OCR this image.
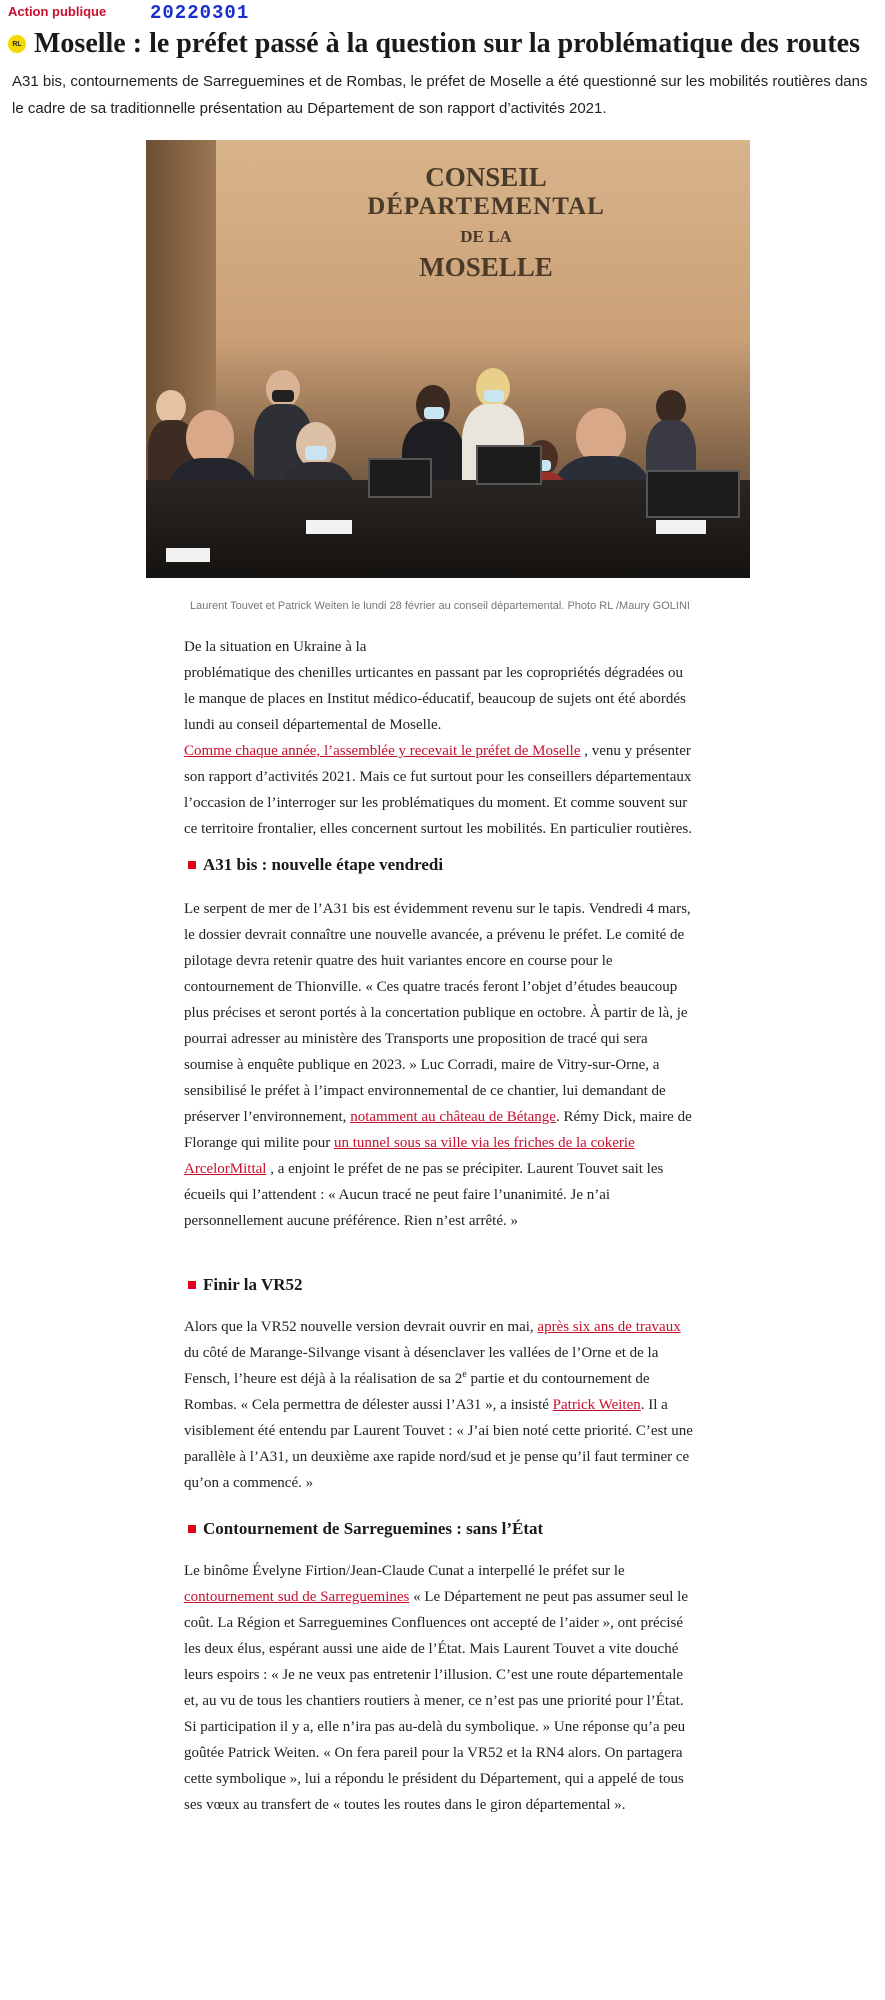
Action publique 20220301
RL Moselle : le préfet passé à la question sur la problématique des routes

A31 bis, contournements de Sarreguemines et de Rombas, le préfet de Moselle a été questionné sur les mobilités routières dans le cadre de sa traditionnelle présentation au Département de son rapport d’activités 2021.

CONSEIL
DÉPARTEMENTAL
DE LA
MOSELLE
Laurent Touvet et Patrick Weiten le lundi 28 février au conseil départemental. Photo RL /Maury GOLINI

De la situation en Ukraine à la
problématique des chenilles urticantes en passant par les copropriétés dégradées ou le manque de places en Institut médico-éducatif, beaucoup de sujets ont été abordés lundi au conseil départemental de Moselle.
Comme chaque année, l’assemblée y recevait le préfet de Moselle , venu y présenter son rapport d’activités 2021. Mais ce fut surtout pour les conseillers départementaux l’occasion de l’interroger sur les problématiques du moment. Et comme souvent sur ce territoire frontalier, elles concernent surtout les mobilités. En particulier routières.

A31 bis : nouvelle étape vendredi

Le serpent de mer de l’A31 bis est évidemment revenu sur le tapis. Vendredi 4 mars, le dossier devrait connaître une nouvelle avancée, a prévenu le préfet. Le comité de pilotage devra retenir quatre des huit variantes encore en course pour le contournement de Thionville. « Ces quatre tracés feront l’objet d’études beaucoup plus précises et seront portés à la concertation publique en octobre. À partir de là, je pourrai adresser au ministère des Transports une proposition de tracé qui sera soumise à enquête publique en 2023. » Luc Corradi, maire de Vitry-sur-Orne, a sensibilisé le préfet à l’impact environnemental de ce chantier, lui demandant de préserver l’environnement, notamment au château de Bétange. Rémy Dick, maire de Florange qui milite pour un tunnel sous sa ville via les friches de la cokerie ArcelorMittal , a enjoint le préfet de ne pas se précipiter. Laurent Touvet sait les écueils qui l’attendent : « Aucun tracé ne peut faire l’unanimité. Je n’ai personnellement aucune préférence. Rien n’est arrêté. »

Finir la VR52

Alors que la VR52 nouvelle version devrait ouvrir en mai, après six ans de travaux du côté de Marange-Silvange visant à désenclaver les vallées de l’Orne et de la Fensch, l’heure est déjà à la réalisation de sa 2e partie et du contournement de Rombas. « Cela permettra de délester aussi l’A31 », a insisté Patrick Weiten. Il a visiblement été entendu par Laurent Touvet : « J’ai bien noté cette priorité. C’est une parallèle à l’A31, un deuxième axe rapide nord/sud et je pense qu’il faut terminer ce qu’on a commencé. »

Contournement de Sarreguemines : sans l’État

Le binôme Évelyne Firtion/Jean-Claude Cunat a interpellé le préfet sur le contournement sud de Sarreguemines « Le Département ne peut pas assumer seul le coût. La Région et Sarreguemines Confluences ont accepté de l’aider », ont précisé les deux élus, espérant aussi une aide de l’État. Mais Laurent Touvet a vite douché leurs espoirs : « Je ne veux pas entretenir l’illusion. C’est une route départementale et, au vu de tous les chantiers routiers à mener, ce n’est pas une priorité pour l’État. Si participation il y a, elle n’ira pas au-delà du symbolique. » Une réponse qu’a peu goûtée Patrick Weiten. « On fera pareil pour la VR52 et la RN4 alors. On partagera cette symbolique », lui a répondu le président du Département, qui a appelé de tous ses vœux au transfert de « toutes les routes dans le giron départemental ».
